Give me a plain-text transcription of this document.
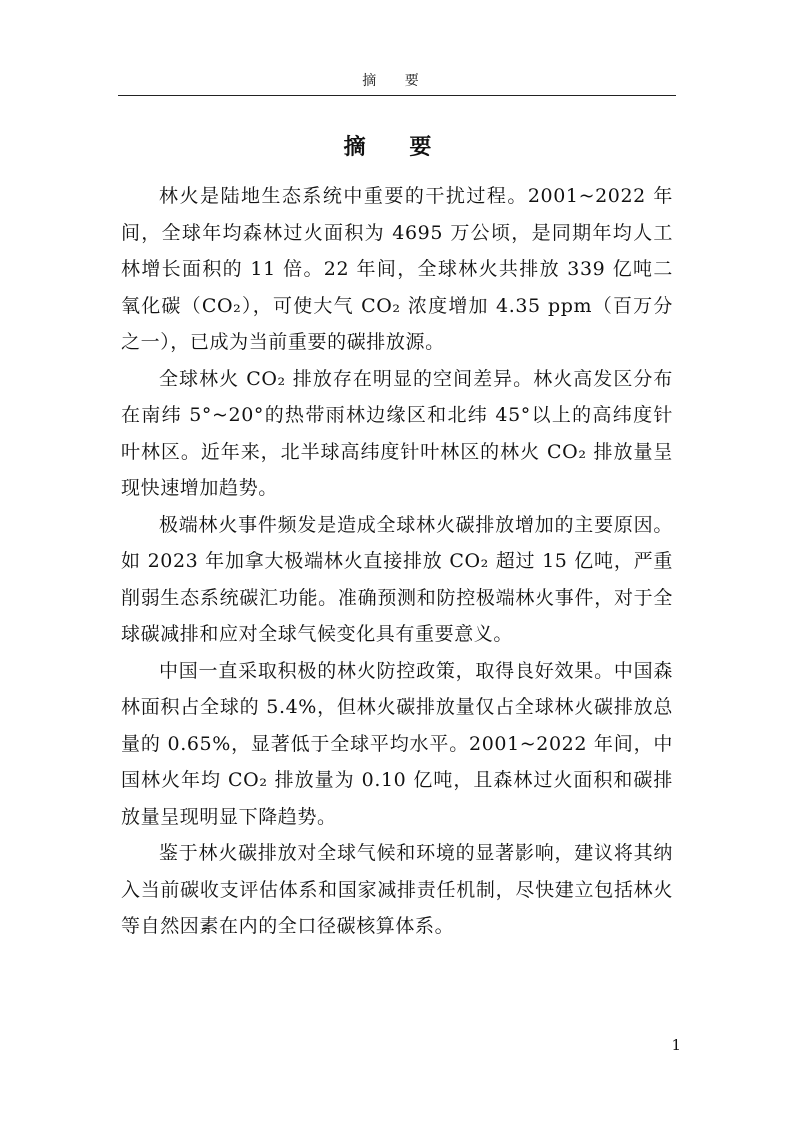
摘 要
摘 要

林火是陆地生态系统中重要的干扰过程。2001~2022 年间，全球年均森林过火面积为 4695 万公顷，是同期年均人工林增长面积的 11 倍。22 年间，全球林火共排放 339 亿吨二氧化碳（CO₂），可使大气 CO₂ 浓度增加 4.35 ppm（百万分之一），已成为当前重要的碳排放源。

全球林火 CO₂ 排放存在明显的空间差异。林火高发区分布在南纬 5°~20°的热带雨林边缘区和北纬 45°以上的高纬度针叶林区。近年来，北半球高纬度针叶林区的林火 CO₂ 排放量呈现快速增加趋势。

极端林火事件频发是造成全球林火碳排放增加的主要原因。如 2023 年加拿大极端林火直接排放 CO₂ 超过 15 亿吨，严重削弱生态系统碳汇功能。准确预测和防控极端林火事件，对于全球碳减排和应对全球气候变化具有重要意义。

中国一直采取积极的林火防控政策，取得良好效果。中国森林面积占全球的 5.4%，但林火碳排放量仅占全球林火碳排放总量的 0.65%，显著低于全球平均水平。2001~2022 年间，中国林火年均 CO₂ 排放量为 0.10 亿吨，且森林过火面积和碳排放量呈现明显下降趋势。

鉴于林火碳排放对全球气候和环境的显著影响，建议将其纳入当前碳收支评估体系和国家减排责任机制，尽快建立包括林火等自然因素在内的全口径碳核算体系。

1
